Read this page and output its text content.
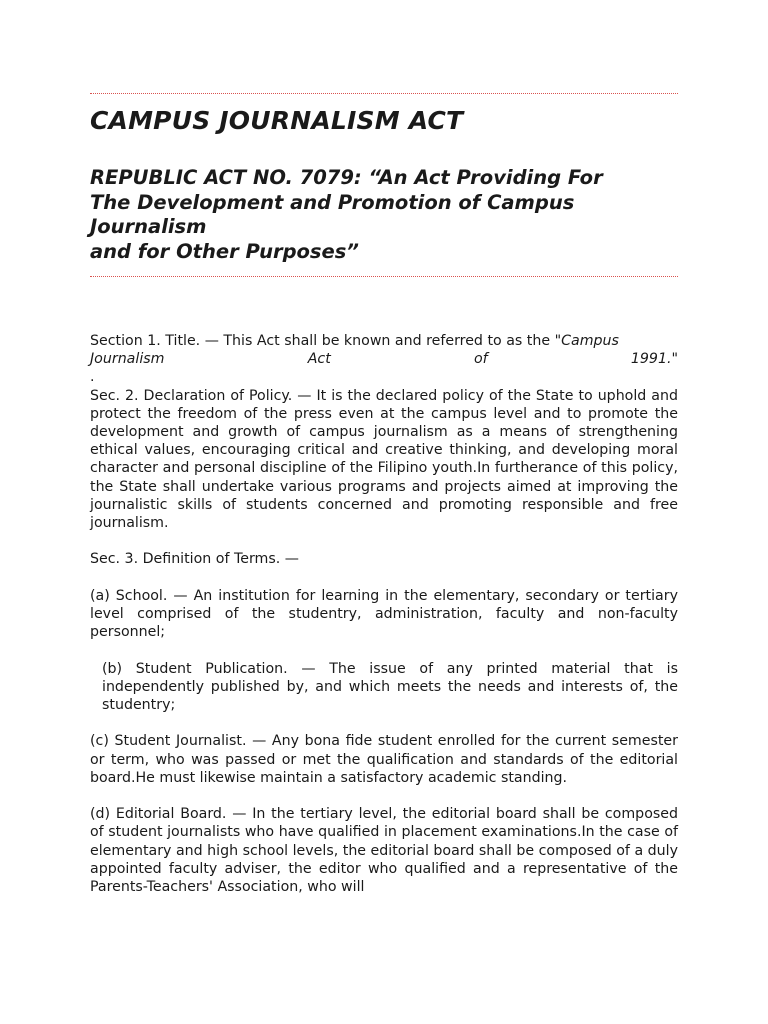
CAMPUS JOURNALISM ACT
REPUBLIC ACT NO. 7079: “An Act Providing For
The Development and Promotion of Campus
Journalism
and for Other Purposes”

Section 1. Title. — This Act shall be known and referred to as the "Campus

Journalism	Act	of	1991."

.

Sec. 2. Declaration of Policy. — It is the declared policy of the State to uphold and protect the freedom of the press even at the campus level and to promote the development and growth of campus journalism as a means of strengthening ethical values, encouraging critical and creative thinking, and developing moral character and personal discipline of the Filipino youth.In furtherance of this policy, the State shall undertake various programs and projects aimed at improving the journalistic skills of students concerned and promoting responsible and free journalism.

Sec. 3. Definition of Terms. —

(a) School. — An institution for learning in the elementary, secondary or tertiary level comprised of the studentry, administration, faculty and non-faculty personnel;

(b) Student Publication. — The issue of any printed material that is independently published by, and which meets the needs and interests of, the studentry;

(c) Student Journalist. — Any bona fide student enrolled for the current semester or term, who was passed or met the qualification and standards of the editorial board.He must likewise maintain a satisfactory academic standing.

(d) Editorial Board. — In the tertiary level, the editorial board shall be composed of student journalists who have qualified in placement examinations.In the case of elementary and high school levels, the editorial board shall be composed of a duly appointed faculty adviser, the editor who qualified and a representative of the Parents-Teachers' Association, who will
